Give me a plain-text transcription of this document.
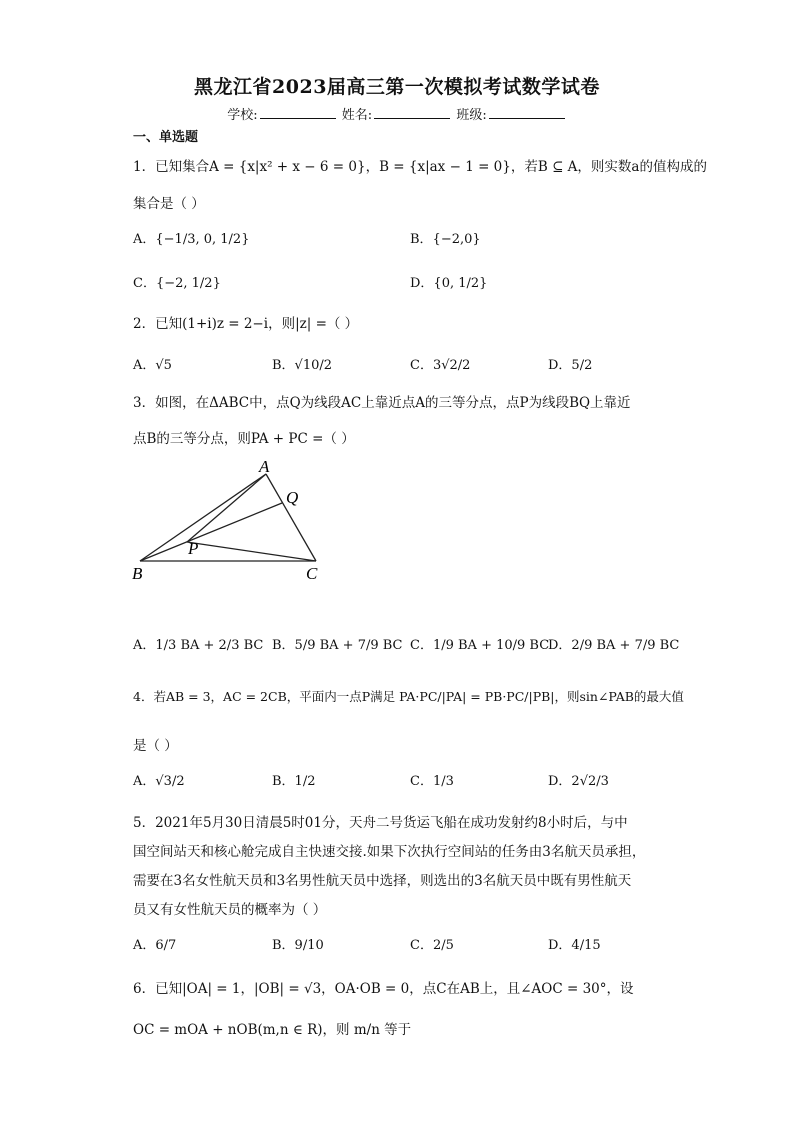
黑龙江省2023届高三第一次模拟考试数学试卷
学校:	姓名:	班级:
一、单选题
1．已知集合A = {x|x² + x − 6 = 0}，B = {x|ax − 1 = 0}，若B ⊆ A，则实数a的值构成的
集合是（ ）
A．{−1/3, 0, 1/2}	B．{−2,0}
C．{−2, 1/2}	D．{0, 1/2}
2．已知(1+i)z = 2−i，则|z| =（ ）
A．√5	B．√10/2	C．3√2/2	D．5/2
3．如图，在ΔABC中，点Q为线段AC上靠近点A的三等分点，点P为线段BQ上靠近
点B的三等分点，则PA + PC =（ ）
A
Q
P
B	C
A．1/3 BA + 2/3 BC B．5/9 BA + 7/9 BC C．1/9 BA + 10/9 BC
D．2/9 BA + 7/9 BC
4．若AB = 3，AC = 2CB，平面内一点P满足 PA·PC/|PA| = PB·PC/|PB|，则sin∠PAB的最大值
是（ ）
A．√3/2	B．1/2	C．1/3	D．2√2/3
5．2021年5月30日清晨5时01分，天舟二号货运飞船在成功发射约8小时后，与中
国空间站天和核心舱完成自主快速交接.如果下次执行空间站的任务由3名航天员承担，
需要在3名女性航天员和3名男性航天员中选择，则选出的3名航天员中既有男性航天
员又有女性航天员的概率为（ ）
A．6/7	B．9/10	C．2/5	D．4/15
6．已知|OA| = 1，|OB| = √3，OA·OB = 0，点C在AB上，且∠AOC = 30°，设
OC = mOA + nOB(m,n ∈ R)，则 m/n 等于
